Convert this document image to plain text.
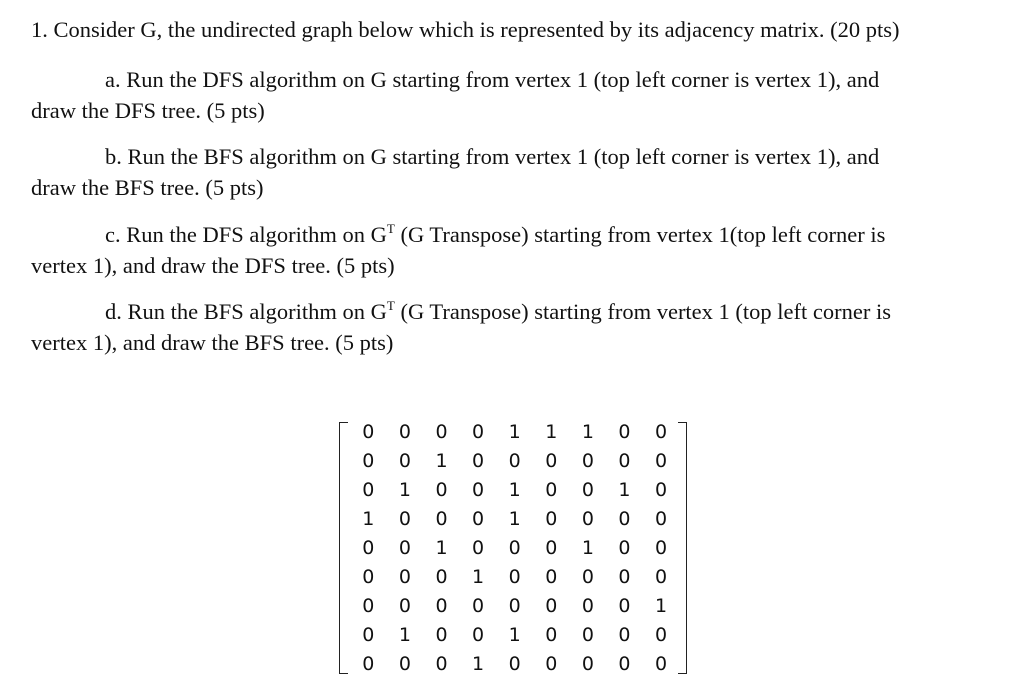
1. Consider G, the undirected graph below which is represented by its adjacency matrix. (20 pts)
a. Run the DFS algorithm on G starting from vertex 1 (top left corner is vertex 1), and
draw the DFS tree. (5 pts)
b. Run the BFS algorithm on G starting from vertex 1 (top left corner is vertex 1), and
draw the BFS tree. (5 pts)
c. Run the DFS algorithm on $G^T$ (G Transpose) starting from vertex 1(top left corner is
vertex 1), and draw the DFS tree. (5 pts)
d. Run the BFS algorithm on $G^T$ (G Transpose) starting from vertex 1 (top left corner is
vertex 1), and draw the BFS tree. (5 pts)
0	0	0	0	1	1	1	0	0
0	0	1	0	0	0	0	0	0
0	1	0	0	1	0	0	1	0
1	0	0	0	1	0	0	0	0
0	0	1	0	0	0	1	0	0
0	0	0	1	0	0	0	0	0
0	0	0	0	0	0	0	0	1
0	1	0	0	1	0	0	0	0
0	0	0	1	0	0	0	0	0
